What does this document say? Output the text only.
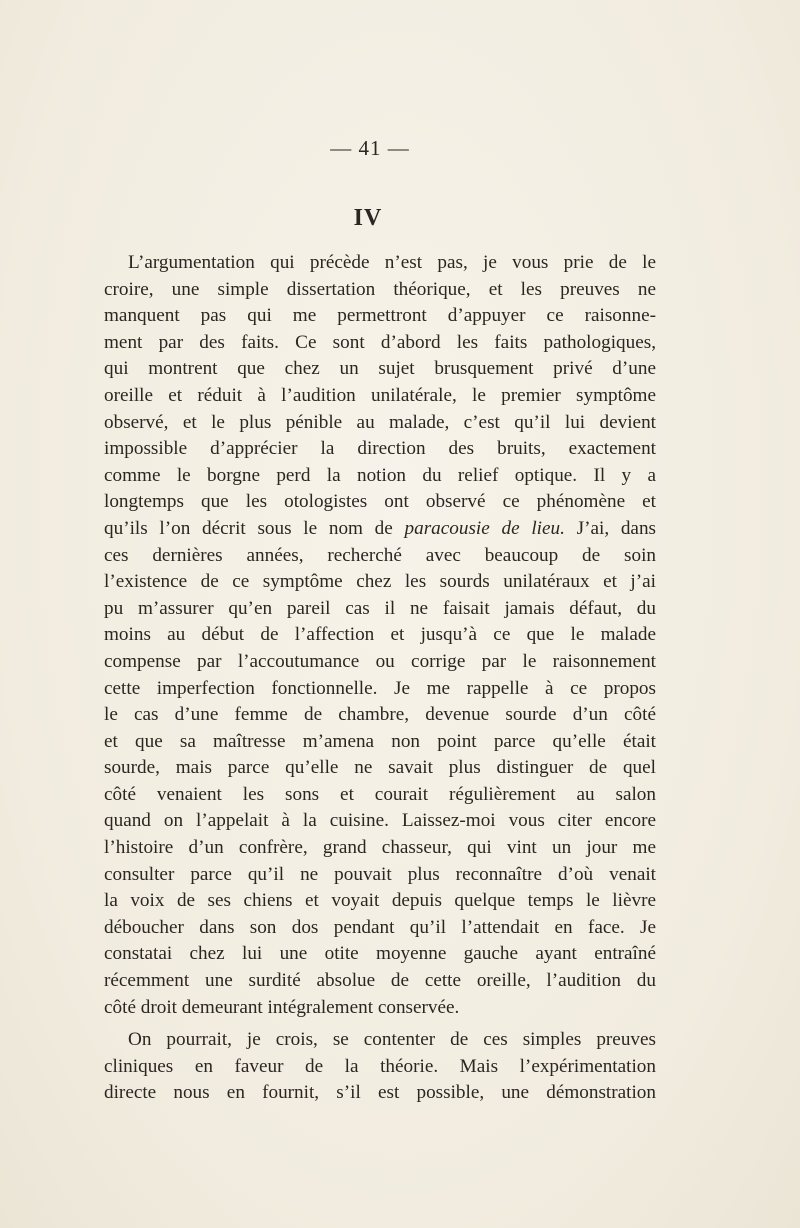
— 41 —
IV
L’argumentation qui précède n’est pas, je vous prie de le
croire, une simple dissertation théorique, et les preuves ne
manquent pas qui me permettront d’appuyer ce raisonne-
ment par des faits. Ce sont d’abord les faits pathologiques,
qui montrent que chez un sujet brusquement privé d’une
oreille et réduit à l’audition unilatérale, le premier symptôme
observé, et le plus pénible au malade, c’est qu’il lui devient
impossible d’apprécier la direction des bruits, exactement
comme le borgne perd la notion du relief optique. Il y a
longtemps que les otologistes ont observé ce phénomène et
qu’ils l’on décrit sous le nom de paracousie de lieu. J’ai, dans
ces dernières années, recherché avec beaucoup de soin
l’existence de ce symptôme chez les sourds unilatéraux et j’ai
pu m’assurer qu’en pareil cas il ne faisait jamais défaut, du
moins au début de l’affection et jusqu’à ce que le malade
compense par l’accoutumance ou corrige par le raisonnement
cette imperfection fonctionnelle. Je me rappelle à ce propos
le cas d’une femme de chambre, devenue sourde d’un côté
et que sa maîtresse m’amena non point parce qu’elle était
sourde, mais parce qu’elle ne savait plus distinguer de quel
côté venaient les sons et courait régulièrement au salon
quand on l’appelait à la cuisine. Laissez-moi vous citer encore
l’histoire d’un confrère, grand chasseur, qui vint un jour me
consulter parce qu’il ne pouvait plus reconnaître d’où venait
la voix de ses chiens et voyait depuis quelque temps le lièvre
déboucher dans son dos pendant qu’il l’attendait en face. Je
constatai chez lui une otite moyenne gauche ayant entraîné
récemment une surdité absolue de cette oreille, l’audition du
côté droit demeurant intégralement conservée.
On pourrait, je crois, se contenter de ces simples preuves
cliniques en faveur de la théorie. Mais l’expérimentation
directe nous en fournit, s’il est possible, une démonstration
